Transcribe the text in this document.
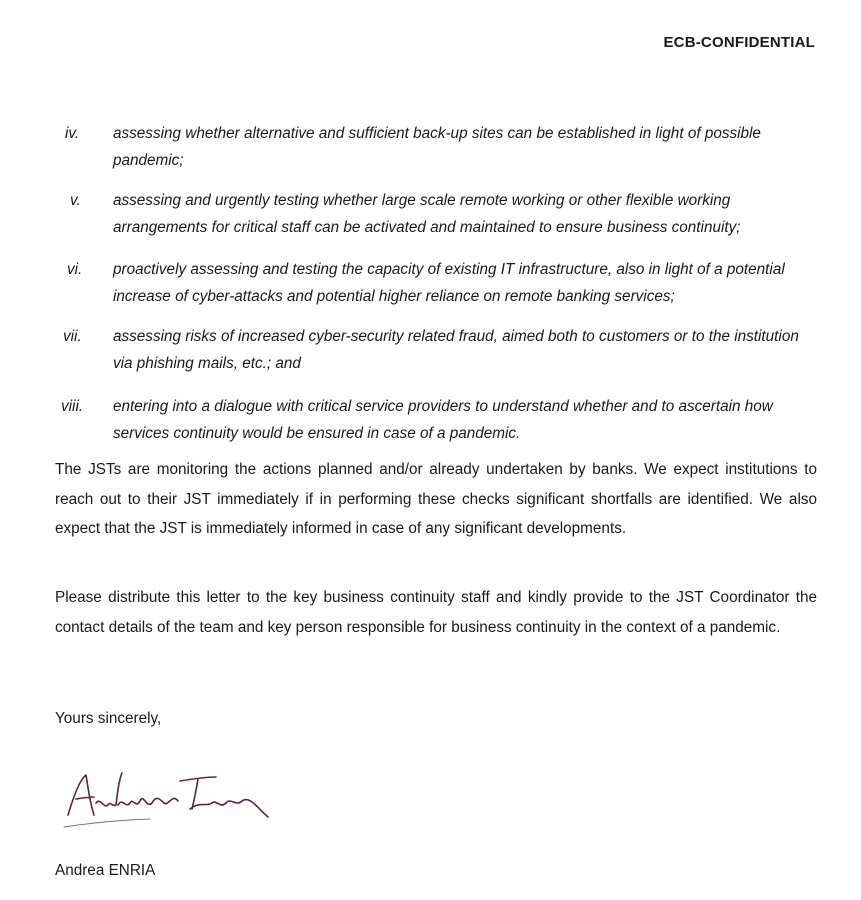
ECB-CONFIDENTIAL
iv.	assessing whether alternative and sufficient back-up sites can be established in light of possible pandemic;
v.	assessing and urgently testing whether large scale remote working or other flexible working arrangements for critical staff can be activated and maintained to ensure business continuity;
vi.	proactively assessing and testing the capacity of existing IT infrastructure, also in light of a potential increase of cyber-attacks and potential higher reliance on remote banking services;
vii.	assessing risks of increased cyber-security related fraud, aimed both to customers or to the institution via phishing mails, etc.; and
viii.	entering into a dialogue with critical service providers to understand whether and to ascertain how services continuity would be ensured in case of a pandemic.
The JSTs are monitoring the actions planned and/or already undertaken by banks. We expect institutions to reach out to their JST immediately if in performing these checks significant shortfalls are identified. We also expect that the JST is immediately informed in case of any significant developments.
Please distribute this letter to the key business continuity staff and kindly provide to the JST Coordinator the contact details of the team and key person responsible for business continuity in the context of a pandemic.
Yours sincerely,
Andrea ENRIA
